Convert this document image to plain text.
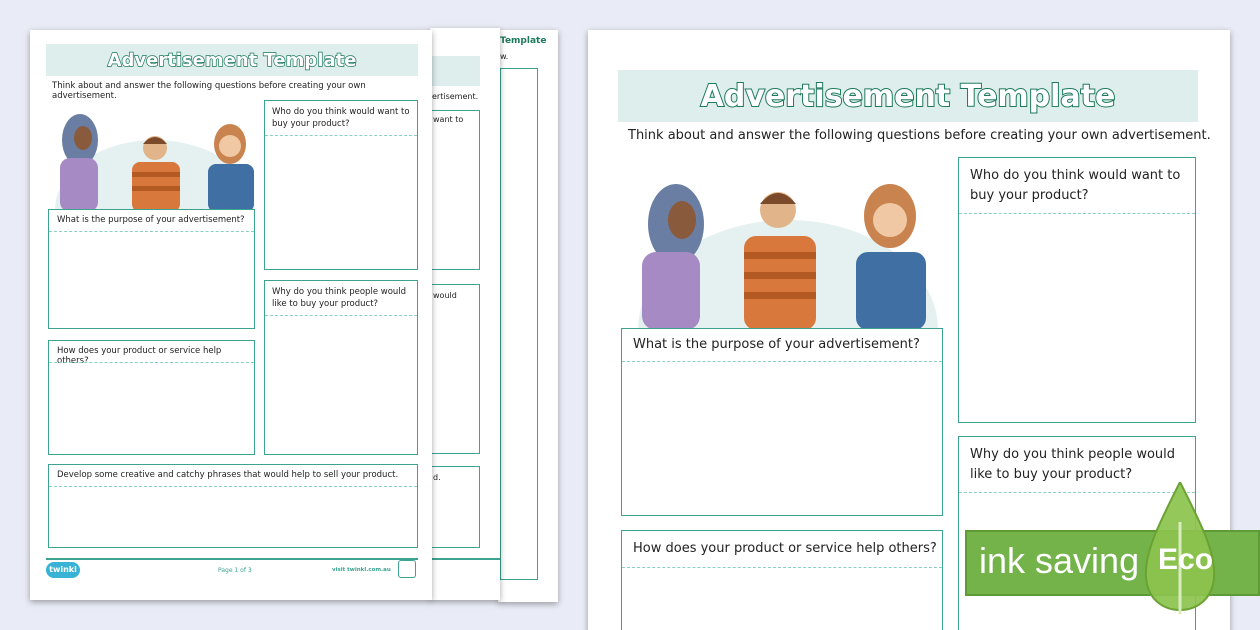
Template
w.
ertisement.
want to
would
d.
Advertisement Template
Think about and answer the following questions before creating your own advertisement.
What is the purpose of your advertisement?
Who do you think would want to buy your product?
Why do you think people would like to buy your product?
How does your product or service help others?
Develop some creative and catchy phrases that would help to sell your product.
twinkl	Page 1 of 3	visit twinkl.com.au
Advertisement Template
Think about and answer the following questions before creating your own advertisement.
What is the purpose of your advertisement?
Who do you think would want to buy your product?
Why do you think people would like to buy your product?
How does your product or service help others? ink saving Eco
